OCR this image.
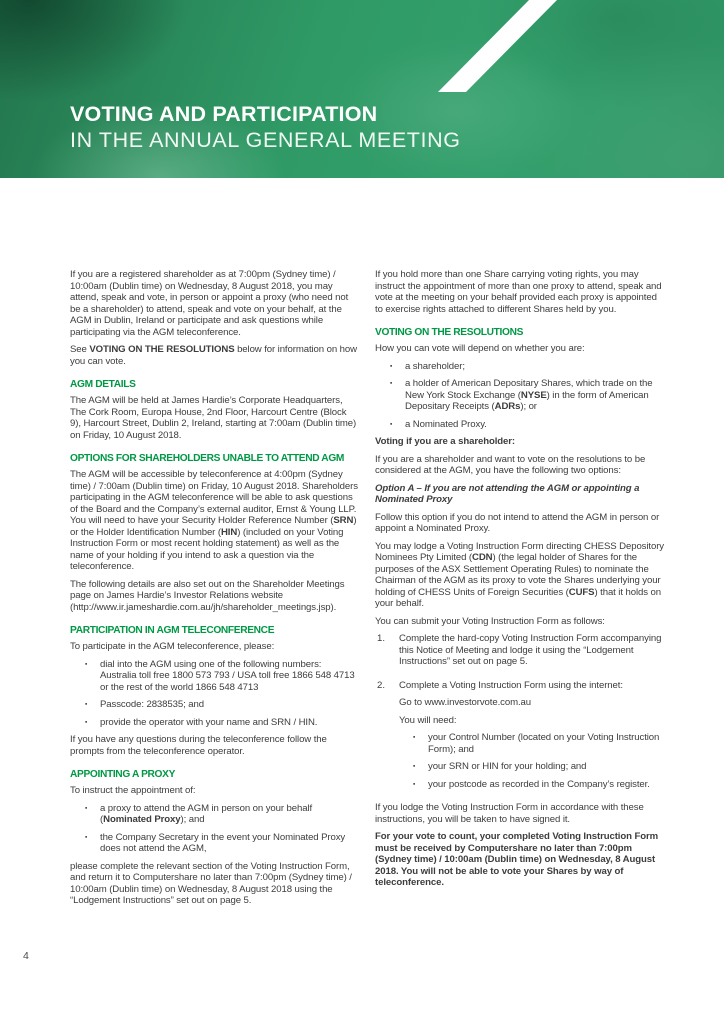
VOTING AND PARTICIPATION
IN THE ANNUAL GENERAL MEETING

If you are a registered shareholder as at 7:00pm (Sydney time) / 10:00am (Dublin time) on Wednesday, 8 August 2018, you may attend, speak and vote, in person or appoint a proxy (who need not be a shareholder) to attend, speak and vote on your behalf, at the AGM in Dublin, Ireland or participate and ask questions while participating via the AGM teleconference.

See VOTING ON THE RESOLUTIONS below for information on how you can vote.

AGM DETAILS

The AGM will be held at James Hardie’s Corporate Headquarters, The Cork Room, Europa House, 2nd Floor, Harcourt Centre (Block 9), Harcourt Street, Dublin 2, Ireland, starting at 7:00am (Dublin time) on Friday, 10 August 2018.

OPTIONS FOR SHAREHOLDERS UNABLE TO ATTEND AGM

The AGM will be accessible by teleconference at 4:00pm (Sydney time) / 7:00am (Dublin time) on Friday, 10 August 2018. Shareholders participating in the AGM teleconference will be able to ask questions of the Board and the Company’s external auditor, Ernst & Young LLP. You will need to have your Security Holder Reference Number (SRN) or the Holder Identification Number (HIN) (included on your Voting Instruction Form or most recent holding statement) as well as the name of your holding if you intend to ask a question via the teleconference.

The following details are also set out on the Shareholder Meetings page on James Hardie’s Investor Relations website (http://www.ir.jameshardie.com.au/jh/shareholder_meetings.jsp).

PARTICIPATION IN AGM TELECONFERENCE

To participate in the AGM teleconference, please:

▪	dial into the AGM using one of the following numbers: Australia toll free 1800 573 793 / USA toll free 1866 548 4713 or the rest of the world 1866 548 4713
▪	Passcode: 2838535; and
▪	provide the operator with your name and SRN / HIN.

If you have any questions during the teleconference follow the prompts from the teleconference operator.

APPOINTING A PROXY

To instruct the appointment of:

▪	a proxy to attend the AGM in person on your behalf (Nominated Proxy); and
▪	the Company Secretary in the event your Nominated Proxy does not attend the AGM,

please complete the relevant section of the Voting Instruction Form, and return it to Computershare no later than 7:00pm (Sydney time) / 10:00am (Dublin time) on Wednesday, 8 August 2018 using the “Lodgement Instructions” set out on page 5.

If you hold more than one Share carrying voting rights, you may instruct the appointment of more than one proxy to attend, speak and vote at the meeting on your behalf provided each proxy is appointed to exercise rights attached to different Shares held by you.

VOTING ON THE RESOLUTIONS

How you can vote will depend on whether you are:

▪	a shareholder;
▪	a holder of American Depositary Shares, which trade on the New York Stock Exchange (NYSE) in the form of American Depositary Receipts (ADRs); or
▪	a Nominated Proxy.

Voting if you are a shareholder:

If you are a shareholder and want to vote on the resolutions to be considered at the AGM, you have the following two options:

Option A – If you are not attending the AGM or appointing a Nominated Proxy

Follow this option if you do not intend to attend the AGM in person or appoint a Nominated Proxy.

You may lodge a Voting Instruction Form directing CHESS Depository Nominees Pty Limited (CDN) (the legal holder of Shares for the purposes of the ASX Settlement Operating Rules) to nominate the Chairman of the AGM as its proxy to vote the Shares underlying your holding of CHESS Units of Foreign Securities (CUFS) that it holds on your behalf.

You can submit your Voting Instruction Form as follows:

1.	Complete the hard-copy Voting Instruction Form accompanying this Notice of Meeting and lodge it using the “Lodgement Instructions” set out on page 5.

2.	Complete a Voting Instruction Form using the internet:

Go to www.investorvote.com.au

You will need:

▪	your Control Number (located on your Voting Instruction Form); and
▪	your SRN or HIN for your holding; and
▪	your postcode as recorded in the Company’s register.

If you lodge the Voting Instruction Form in accordance with these instructions, you will be taken to have signed it.

For your vote to count, your completed Voting Instruction Form must be received by Computershare no later than 7:00pm (Sydney time) / 10:00am (Dublin time) on Wednesday, 8 August 2018. You will not be able to vote your Shares by way of teleconference.

4
